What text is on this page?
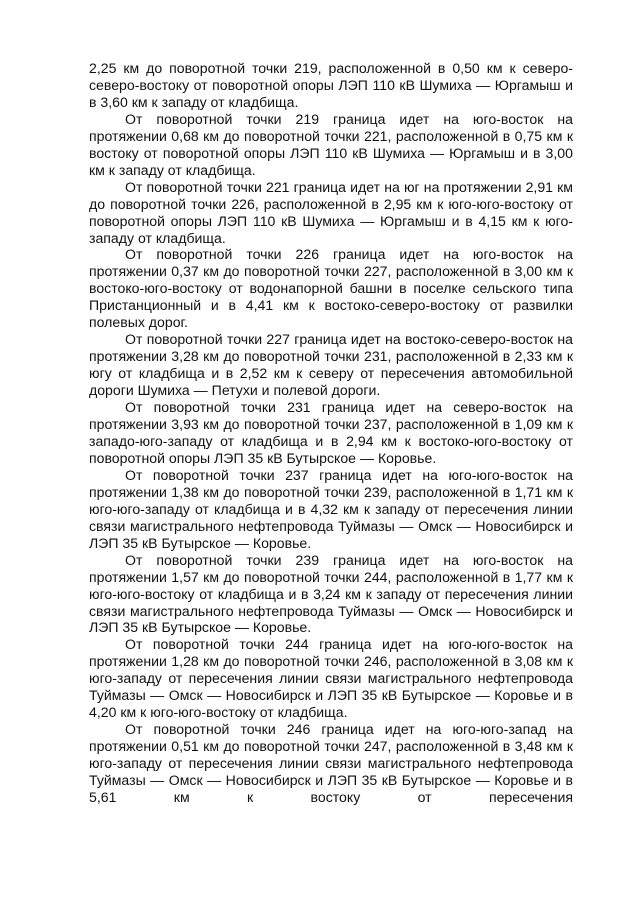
2,25 км до поворотной точки 219, расположенной в 0,50 км к северо-северо-востоку от поворотной опоры ЛЭП 110 кВ Шумиха — Юргамыш и в 3,60 км к западу от кладбища.

От поворотной точки 219 граница идет на юго-восток на протяжении 0,68 км до поворотной точки 221, расположенной в 0,75 км к востоку от поворотной опоры ЛЭП 110 кВ Шумиха — Юргамыш и в 3,00 км к западу от кладбища.

От поворотной точки 221 граница идет на юг на протяжении 2,91 км до поворотной точки 226, расположенной в 2,95 км к юго-юго-востоку от поворотной опоры ЛЭП 110 кВ Шумиха — Юргамыш и в 4,15 км к юго-западу от кладбища.

От поворотной точки 226 граница идет на юго-восток на протяжении 0,37 км до поворотной точки 227, расположенной в 3,00 км к востоко-юго-востоку от водонапорной башни в поселке сельского типа Пристанционный и в 4,41 км к востоко-северо-востоку от развилки полевых дорог.

От поворотной точки 227 граница идет на востоко-северо-восток на протяжении 3,28 км до поворотной точки 231, расположенной в 2,33 км к югу от кладбища и в 2,52 км к северу от пересечения автомобильной дороги Шумиха — Петухи и полевой дороги.

От поворотной точки 231 граница идет на северо-восток на протяжении 3,93 км до поворотной точки 237, расположенной в 1,09 км к западо-юго-западу от кладбища и в 2,94 км к востоко-юго-востоку от поворотной опоры ЛЭП 35 кВ Бутырское — Коровье.

От поворотной точки 237 граница идет на юго-юго-восток на протяжении 1,38 км до поворотной точки 239, расположенной в 1,71 км к юго-юго-западу от кладбища и в 4,32 км к западу от пересечения линии связи магистрального нефтепровода Туймазы — Омск — Новосибирск и ЛЭП 35 кВ Бутырское — Коровье.

От поворотной точки 239 граница идет на юго-восток на протяжении 1,57 км до поворотной точки 244, расположенной в 1,77 км к юго-юго-востоку от кладбища и в 3,24 км к западу от пересечения линии связи магистрального нефтепровода Туймазы — Омск — Новосибирск и ЛЭП 35 кВ Бутырское — Коровье.

От поворотной точки 244 граница идет на юго-юго-восток на протяжении 1,28 км до поворотной точки 246, расположенной в 3,08 км к юго-западу от пересечения линии связи магистрального нефтепровода Туймазы — Омск — Новосибирск и ЛЭП 35 кВ Бутырское — Коровье и в 4,20 км к юго-юго-востоку от кладбища.

От поворотной точки 246 граница идет на юго-юго-запад на протяжении 0,51 км до поворотной точки 247, расположенной в 3,48 км к юго-западу от пересечения линии связи магистрального нефтепровода Туймазы — Омск — Новосибирск и ЛЭП 35 кВ Бутырское — Коровье и в 5,61 км к востоку от пересечения
